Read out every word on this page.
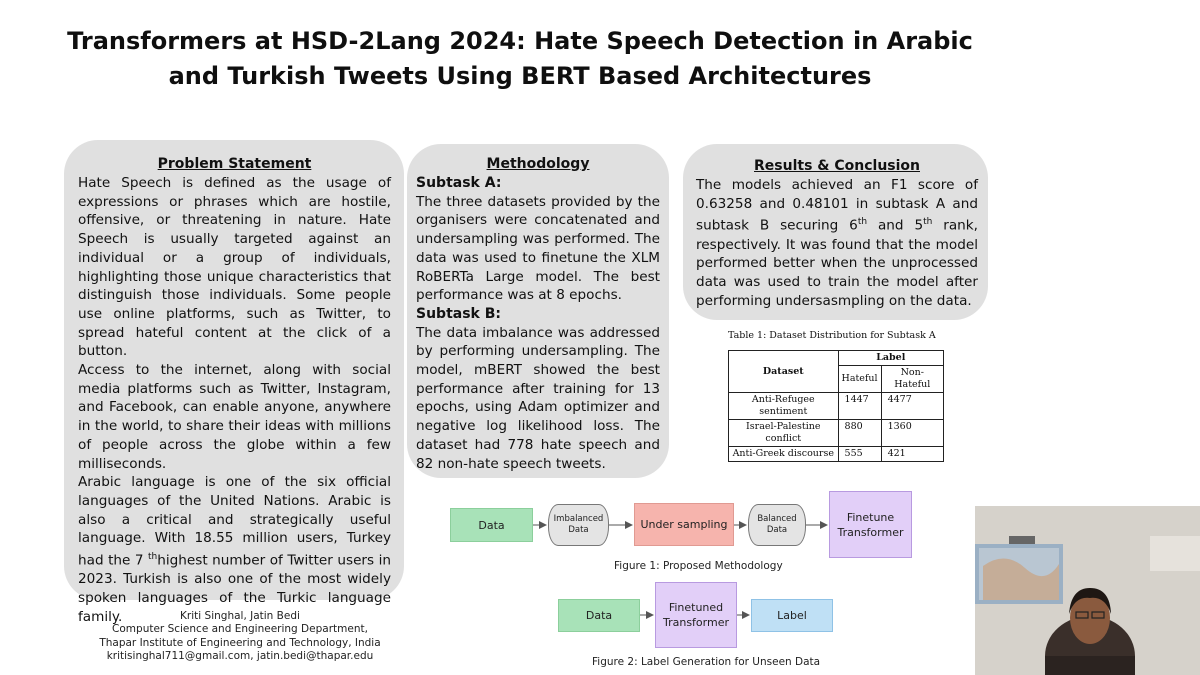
Transformers at HSD-2Lang 2024: Hate Speech Detection in Arabic
and Turkish Tweets Using BERT Based Architectures
Problem Statement

Hate Speech is defined as the usage of expressions or phrases which are hostile, offensive, or threatening in nature. Hate Speech is usually targeted against an individual or a group of individuals, highlighting those unique characteristics that distinguish those individuals. Some people use online platforms, such as Twitter, to spread hateful content at the click of a button.

Access to the internet, along with social media platforms such as Twitter, Instagram, and Facebook, can enable anyone, anywhere in the world, to share their ideas with millions of people across the globe within a few milliseconds.

Arabic language is one of the six official languages of the United Nations. Arabic is also a critical and strategically useful language. With 18.55 million users, Turkey had the 7 $^{th}$highest number of Twitter users in 2023. Turkish is also one of the most widely spoken languages of the Turkic language family.

Methodology
Subtask A:

The three datasets provided by the organisers were concatenated and undersampling was performed. The data was used to finetune the XLM RoBERTa Large model. The best performance was at 8 epochs.

Subtask B:

The data imbalance was addressed by performing undersampling. The model, mBERT showed the best performance after training for 13 epochs, using Adam optimizer and negative log likelihood loss. The dataset had 778 hate speech and 82 non-hate speech tweets.

Results & Conclusion

The models achieved an F1 score of 0.63258 and 0.48101 in subtask A and subtask B securing 6th and 5th rank, respectively. It was found that the model performed better when the unprocessed data was used to train the model after performing undersasmpling on the data.

Table 1: Dataset Distribution for Subtask A
Dataset	Label	
	Hateful	Non-Hateful
Anti-Refugee sentiment	1447	4477
Israel-Palestine conflict	880	1360
Anti-Greek discourse	555	421
Data	Imbalanced Data	Under sampling	Balanced Data
Finetune Transformer
Figure 1: Proposed Methodology
Data
Finetuned Transformer
Label
Figure 2: Label Generation for Unseen Data
Kriti Singhal, Jatin Bedi
Computer Science and Engineering Department,
Thapar Institute of Engineering and Technology, India
kritisinghal711@gmail.com, jatin.bedi@thapar.edu
